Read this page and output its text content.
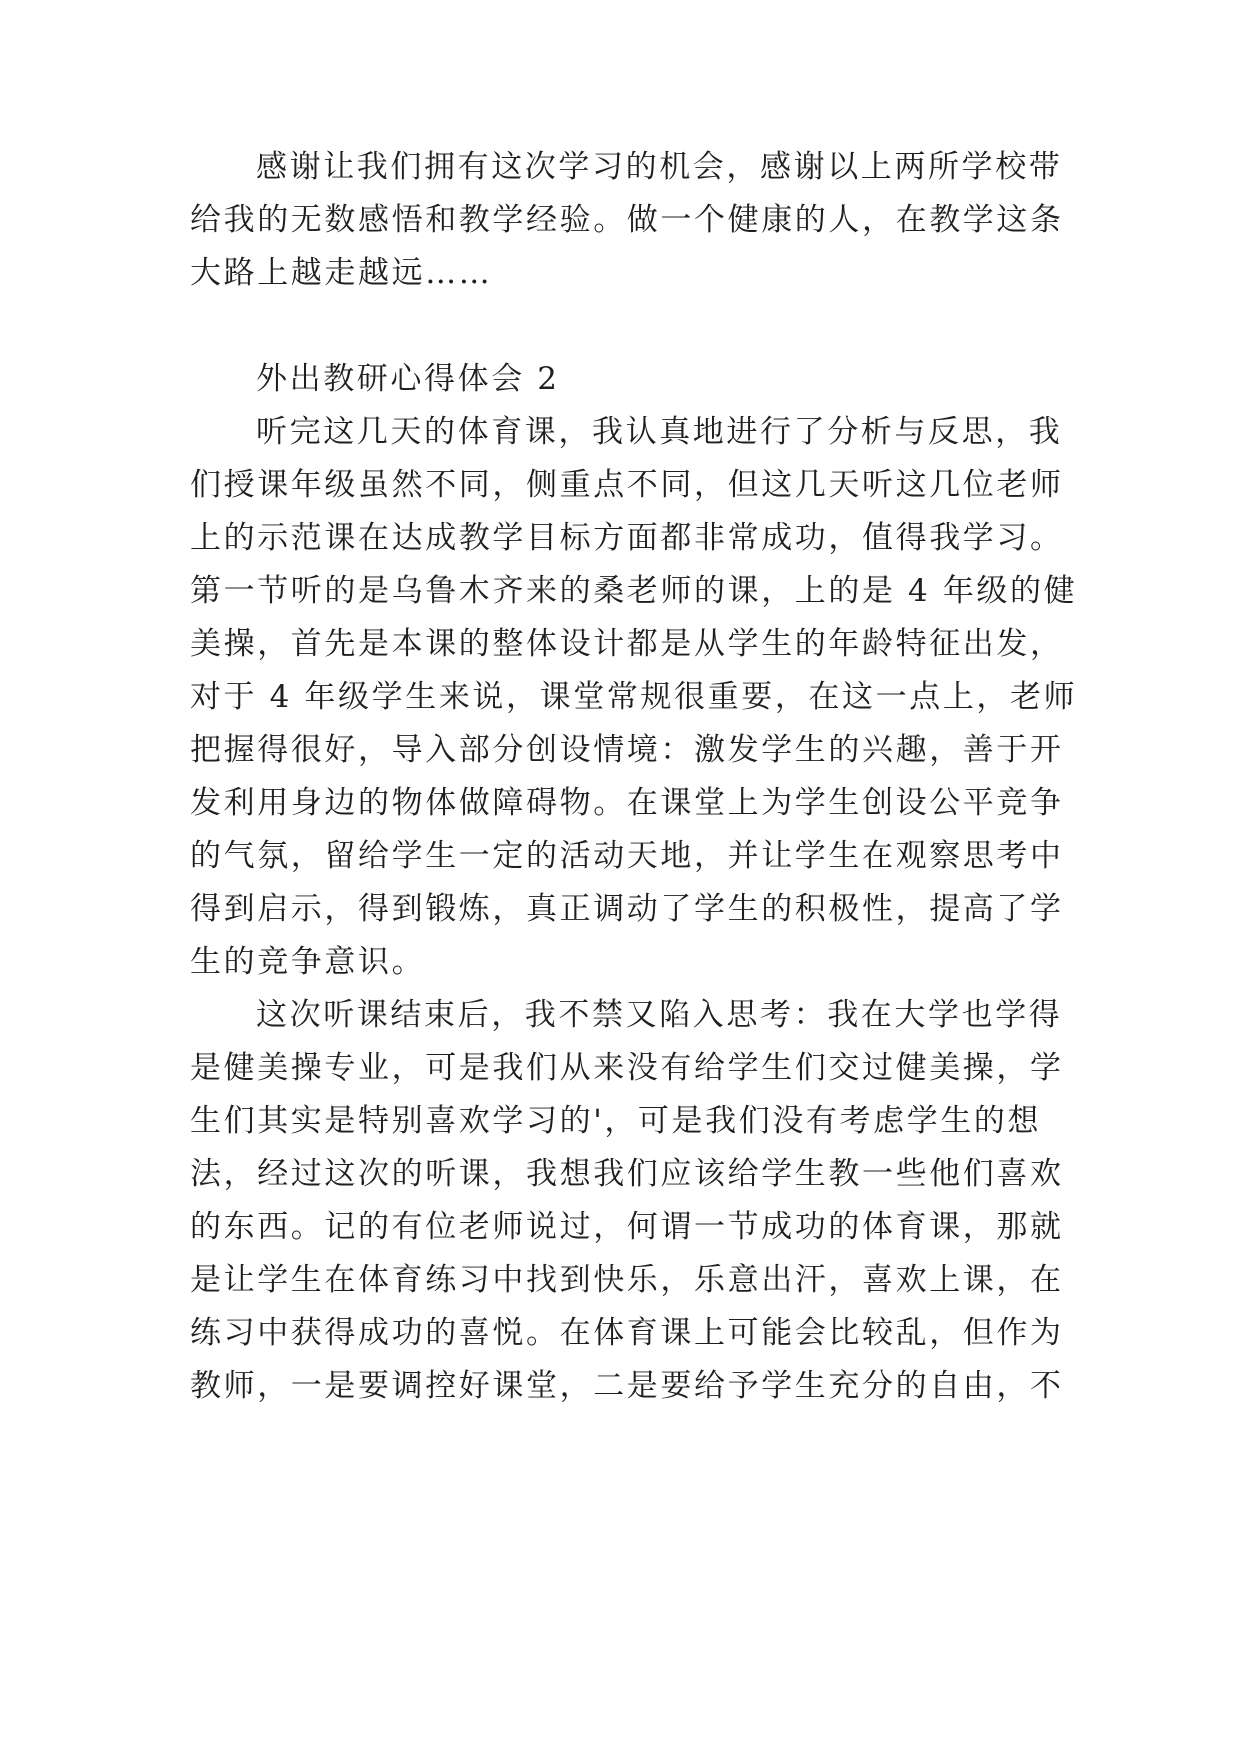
感谢让我们拥有这次学习的机会，感谢以上两所学校带
给我的无数感悟和教学经验。做一个健康的人，在教学这条
大路上越走越远……
外出教研心得体会 2
听完这几天的体育课，我认真地进行了分析与反思，我
们授课年级虽然不同，侧重点不同，但这几天听这几位老师
上的示范课在达成教学目标方面都非常成功，值得我学习。
第一节听的是乌鲁木齐来的桑老师的课，上的是 4 年级的健
美操，首先是本课的整体设计都是从学生的年龄特征出发，
对于 4 年级学生来说，课堂常规很重要，在这一点上，老师
把握得很好，导入部分创设情境：激发学生的兴趣，善于开
发利用身边的物体做障碍物。在课堂上为学生创设公平竞争
的气氛，留给学生一定的活动天地，并让学生在观察思考中
得到启示，得到锻炼，真正调动了学生的积极性，提高了学
生的竞争意识。
这次听课结束后，我不禁又陷入思考：我在大学也学得
是健美操专业，可是我们从来没有给学生们交过健美操，学
生们其实是特别喜欢学习的'，可是我们没有考虑学生的想
法，经过这次的听课，我想我们应该给学生教一些他们喜欢
的东西。记的有位老师说过，何谓一节成功的体育课，那就
是让学生在体育练习中找到快乐，乐意出汗，喜欢上课，在
练习中获得成功的喜悦。在体育课上可能会比较乱，但作为
教师，一是要调控好课堂，二是要给予学生充分的自由，不
